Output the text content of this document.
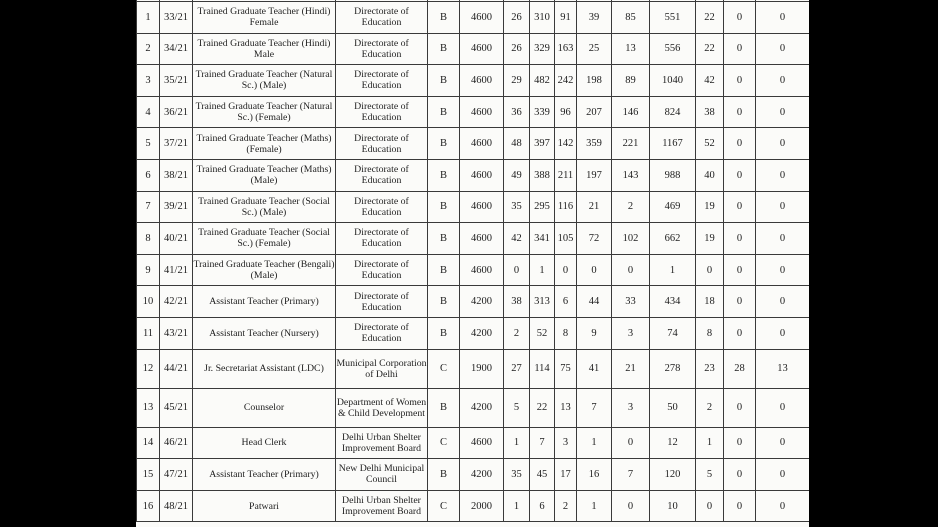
1	33/21	Trained Graduate Teacher (Hindi) Female	Directorate of Education	B	4600	26	310	91	39	85	551	22	0	0
2	34/21	Trained Graduate Teacher (Hindi) Male	Directorate of Education	B	4600	26	329	163	25	13	556	22	0	0
3	35/21	Trained Graduate Teacher (Natural Sc.) (Male)	Directorate of Education	B	4600	29	482	242	198	89	1040	42	0	0
4	36/21	Trained Graduate Teacher (Natural Sc.) (Female)	Directorate of Education	B	4600	36	339	96	207	146	824	38	0	0
5	37/21	Trained Graduate Teacher (Maths) (Female)	Directorate of Education	B	4600	48	397	142	359	221	1167	52	0	0
6	38/21	Trained Graduate Teacher (Maths) (Male)	Directorate of Education	B	4600	49	388	211	197	143	988	40	0	0
7	39/21	Trained Graduate Teacher (Social Sc.) (Male)	Directorate of Education	B	4600	35	295	116	21	2	469	19	0	0
8	40/21	Trained Graduate Teacher (Social Sc.) (Female)	Directorate of Education	B	4600	42	341	105	72	102	662	19	0	0
9	41/21	Trained Graduate Teacher (Bengali) (Male)	Directorate of Education	B	4600	0	1	0	0	0	1	0	0	0
10	42/21	Assistant Teacher (Primary)	Directorate of Education	B	4200	38	313	6	44	33	434	18	0	0
11	43/21	Assistant Teacher (Nursery)	Directorate of Education	B	4200	2	52	8	9	3	74	8	0	0
12	44/21	Jr. Secretariat Assistant (LDC)	Municipal Corporation of Delhi	C	1900	27	114	75	41	21	278	23	28	13
13	45/21	Counselor	Department of Women & Child Development	B	4200	5	22	13	7	3	50	2	0	0
14	46/21	Head Clerk	Delhi Urban Shelter Improvement Board	C	4600	1	7	3	1	0	12	1	0	0
15	47/21	Assistant Teacher (Primary)	New Delhi Municipal Council	B	4200	35	45	17	16	7	120	5	0	0
16	48/21	Patwari	Delhi Urban Shelter Improvement Board	C	2000	1	6	2	1	0	10	0	0	0
